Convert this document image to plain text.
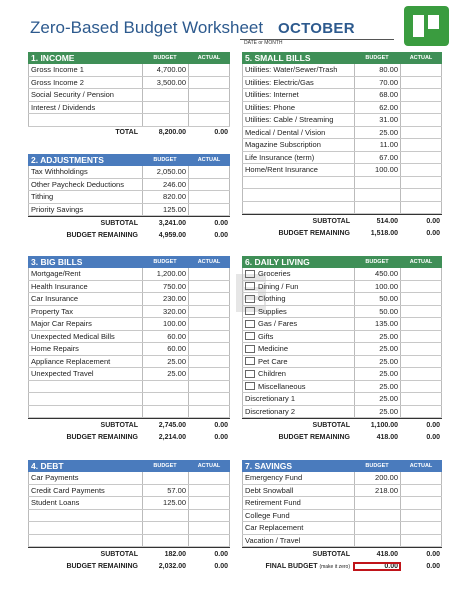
Zero-Based Budget Worksheet OCTOBER
DATE or MONTH
1. INCOME	BUDGET	ACTUAL
Gross Income 1	4,700.00
Gross Income 2	3,500.00
Social Security / Pension
Interest / Dividends
TOTAL	8,200.00	0.00
2. ADJUSTMENTS	BUDGET	ACTUAL
Tax Withholdings	2,050.00
Other Paycheck Deductions	246.00
Tithing	820.00
Priority Savings	125.00
SUBTOTAL	3,241.00	0.00
BUDGET REMAINING	4,959.00	0.00
3. BIG BILLS	BUDGET	ACTUAL
Mortgage/Rent	1,200.00
Health Insurance	750.00
Car Insurance	230.00
Property Tax	320.00
Major Car Repairs	100.00
Unexpected Medical Bills	60.00
Home Repairs	60.00
Appliance Replacement	25.00
Unexpected Travel	25.00
SUBTOTAL	2,745.00	0.00
BUDGET REMAINING	2,214.00	0.00
4. DEBT	BUDGET	ACTUAL
Car Payments
Credit Card Payments	57.00
Student Loans	125.00
SUBTOTAL	182.00	0.00
BUDGET REMAINING	2,032.00	0.00
5. SMALL BILLS	BUDGET	ACTUAL
Utilities: Water/Sewer/Trash	80.00
Utilities: Electric/Gas	70.00
Utilities: Internet	68.00
Utilities: Phone	62.00
Utilities: Cable / Streaming	31.00
Medical / Dental / Vision	25.00
Magazine Subscription	11.00
Life Insurance (term)	67.00
Home/Rent Insurance	100.00
SUBTOTAL	514.00	0.00
BUDGET REMAINING	1,518.00	0.00
6. DAILY LIVING	BUDGET	ACTUAL
Groceries	450.00
Dining / Fun	100.00
Clothing	50.00
Supplies	50.00
Gas / Fares	135.00
Gifts	25.00
Medicine	25.00
Pet Care	25.00
Children	25.00
Miscellaneous	25.00
Discretionary 1	25.00
Discretionary 2	25.00
SUBTOTAL	1,100.00	0.00
BUDGET REMAINING	418.00	0.00
7. SAVINGS	BUDGET	ACTUAL
Emergency Fund	200.00
Debt Snowball	218.00
Retirement Fund
College Fund
Car Replacement
Vacation / Travel
SUBTOTAL	418.00	0.00
FINAL BUDGET (make it zero)	0.00	0.00
